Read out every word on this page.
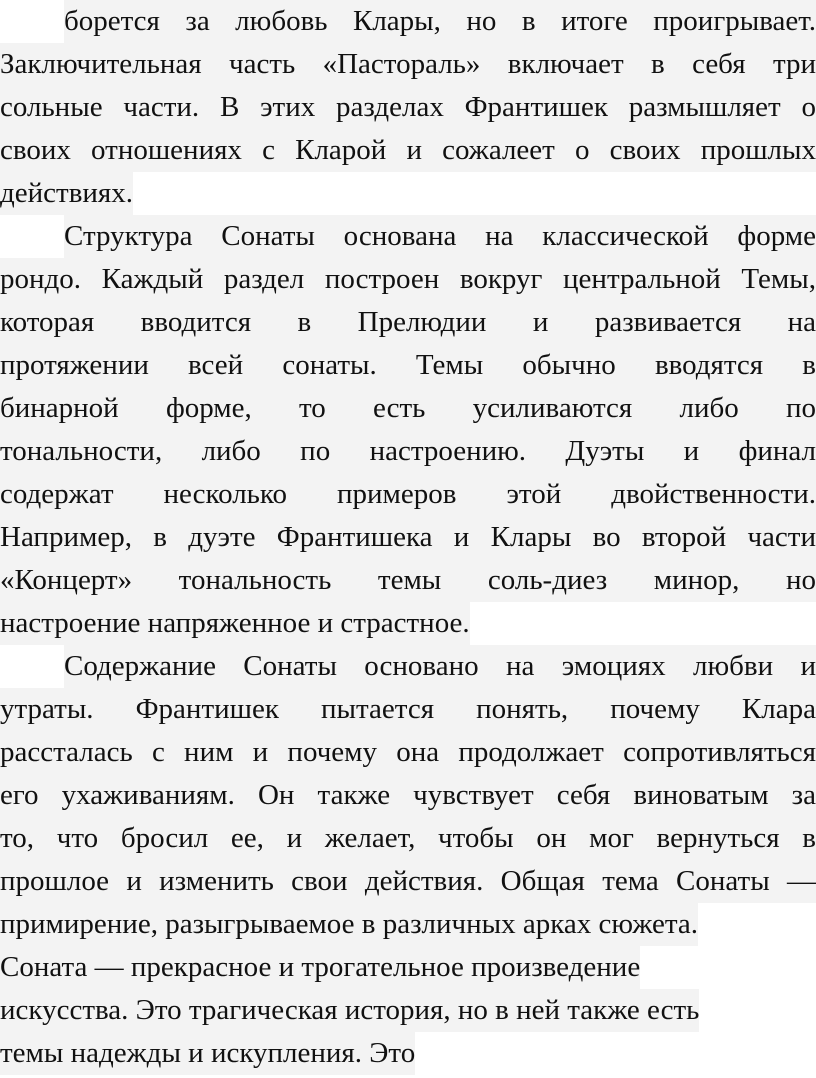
борется за любовь Клары, но в итоге проигрывает.
Заключительная часть «Пастораль» включает в себя три
сольные части. В этих разделах Франтишек размышляет о
своих отношениях с Кларой и сожалеет о своих прошлых
действиях.
Структура Сонаты основана на классической форме
рондо. Каждый раздел построен вокруг центральной Темы,
которая вводится в Прелюдии и развивается на
протяжении всей сонаты. Темы обычно вводятся в
бинарной форме, то есть усиливаются либо по
тональности, либо по настроению. Дуэты и финал
содержат несколько примеров этой двойственности.
Например, в дуэте Франтишека и Клары во второй части
«Концерт» тональность темы соль-диез минор, но
настроение напряженное и страстное.
Содержание Сонаты основано на эмоциях любви и
утраты. Франтишек пытается понять, почему Клара
рассталась с ним и почему она продолжает сопротивляться
его ухаживаниям. Он также чувствует себя виноватым за
то, что бросил ее, и желает, чтобы он мог вернуться в
прошлое и изменить свои действия. Общая тема Сонаты —
примирение, разыгрываемое в различных арках сюжета.
Соната — прекрасное и трогательное произведение
искусства. Это трагическая история, но в ней также есть
темы надежды и искупления. Это
